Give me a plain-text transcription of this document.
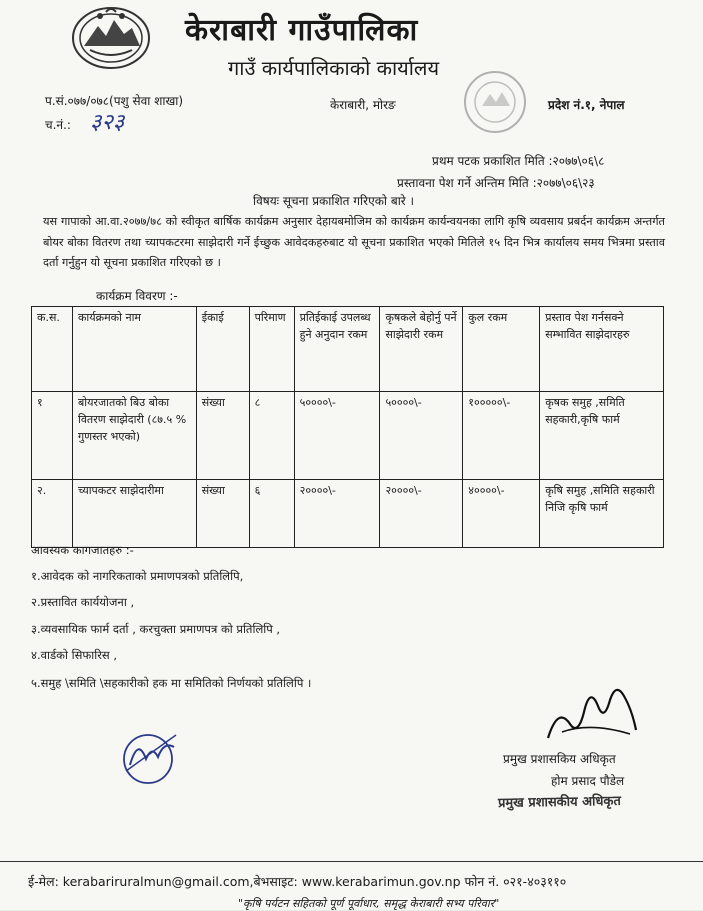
केराबारी गाउँपालिका
गाउँ कार्यपालिकाको कार्यालय
प.सं.०७७/०७८(पशु सेवा शाखा)
च.नं.: ३२३
केराबारी, मोरङ	प्रदेश नं.१, नेपाल
प्रथम पटक प्रकाशित मिति :२०७७\०६\८
प्रस्तावना पेश गर्ने अन्तिम मिति :२०७७\०६\२३
विषयः सूचना प्रकाशित गरिएको बारे ।
यस गापाको आ.वा.२०७७/७८ को स्वीकृत बार्षिक कार्यक्रम अनुसार देहायबमोजिम को कार्यक्रम कार्यन्वयनका लागि कृषि व्यवसाय प्रबर्दन कार्यक्रम अन्तर्गत बोयर बोका वितरण तथा च्यापकटरमा साझेदारी गर्ने ईच्छुक आवेदकहरुबाट यो सूचना प्रकाशित भएको मितिले १५ दिन भित्र कार्यालय समय भित्रमा प्रस्ताव दर्ता गर्नुहुन यो सूचना प्रकाशित गरिएको छ ।
कार्यक्रम विवरण :-
क.स.	कार्यक्रमको नाम	ईकाई	परिमाण	प्रतिईकाई उपलब्ध हुने अनुदान रकम	कृषकले बेहोर्नु पर्ने साझेदारी रकम	कुल रकम	प्रस्ताव पेश गर्नसक्ने सम्भावित साझेदारहरु
१	बोयरजातको बिउ बोका वितरण साझेदारी (८७.५ % गुणस्तर भएको)	संख्या	८	५००००\-	५००००\-	१०००००\-	कृषक समुह ,समिति सहकारी,कृषि फार्म
२.	च्यापकटर साझेदारीमा	संख्या	६	२००००\-	२००००\-	४००००\-	कृषि समुह ,समिति सहकारी निजि कृषि फार्म
आवस्यक कागजातहरु :-
१.आवेदक को नागरिकताको प्रमाणपत्रको प्रतिलिपि,
२.प्रस्तावित कार्ययोजना ,
३.व्यवसायिक फार्म दर्ता , करचुक्ता प्रमाणपत्र को प्रतिलिपि ,
४.वार्डको सिफारिस ,
५.समुह \समिति \सहकारीको हक मा समितिको निर्णयको प्रतिलिपि ।
प्रमुख प्रशासकिय अधिकृत
होम प्रसाद पौडेल
प्रमुख प्रशासकीय अधिकृत
ई-मेल: kerabariruralmun@gmail.com,बेभसाइट: www.kerabarimun.gov.np फोन नं. ०२१-४०३११०
"कृषि पर्यटन सहितको पूर्ण पूर्वाधार, समृद्ध केराबारी सभ्य परिवार"
